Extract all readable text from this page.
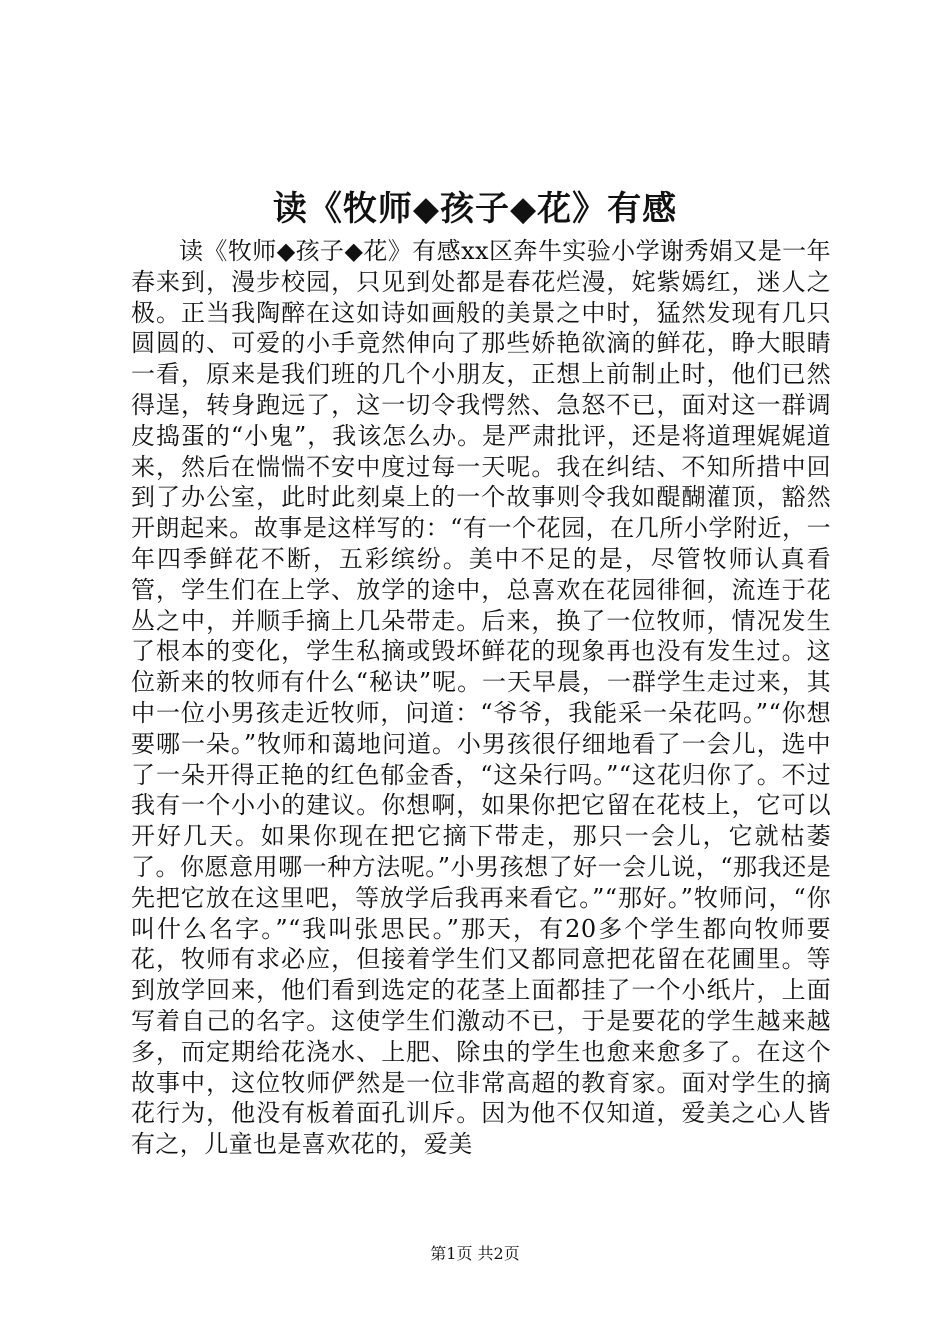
读《牧师◆孩子◆花》有感

读《牧师◆孩子◆花》有感xx区奔牛实验小学谢秀娟又是一年春来到，漫步校园，只见到处都是春花烂漫，姹紫嫣红，迷人之极。正当我陶醉在这如诗如画般的美景之中时，猛然发现有几只圆圆的、可爱的小手竟然伸向了那些娇艳欲滴的鲜花，睁大眼睛一看，原来是我们班的几个小朋友，正想上前制止时，他们已然得逞，转身跑远了，这一切令我愕然、急怒不已，面对这一群调皮捣蛋的“小鬼”，我该怎么办。是严肃批评，还是将道理娓娓道来，然后在惴惴不安中度过每一天呢。我在纠结、不知所措中回到了办公室，此时此刻桌上的一个故事则令我如醍醐灌顶，豁然开朗起来。故事是这样写的：“有一个花园，在几所小学附近，一年四季鲜花不断，五彩缤纷。美中不足的是，尽管牧师认真看管，学生们在上学、放学的途中，总喜欢在花园徘徊，流连于花丛之中，并顺手摘上几朵带走。后来，换了一位牧师，情况发生了根本的变化，学生私摘或毁坏鲜花的现象再也没有发生过。这位新来的牧师有什么“秘诀”呢。一天早晨，一群学生走过来，其中一位小男孩走近牧师，问道：“爷爷，我能采一朵花吗。”“你想要哪一朵。”牧师和蔼地问道。小男孩很仔细地看了一会儿，选中了一朵开得正艳的红色郁金香，“这朵行吗。”“这花归你了。不过我有一个小小的建议。你想啊，如果你把它留在花枝上，它可以开好几天。如果你现在把它摘下带走，那只一会儿，它就枯萎了。你愿意用哪一种方法呢。”小男孩想了好一会儿说，“那我还是先把它放在这里吧，等放学后我再来看它。”“那好。”牧师问，“你叫什么名字。”“我叫张思民。”那天，有20多个学生都向牧师要花，牧师有求必应，但接着学生们又都同意把花留在花圃里。等到放学回来，他们看到选定的花茎上面都挂了一个小纸片，上面写着自己的名字。这使学生们激动不已，于是要花的学生越来越多，而定期给花浇水、上肥、除虫的学生也愈来愈多了。在这个故事中，这位牧师俨然是一位非常高超的教育家。面对学生的摘花行为，他没有板着面孔训斥。因为他不仅知道，爱美之心人皆有之，儿童也是喜欢花的，爱美

第1页 共2页
